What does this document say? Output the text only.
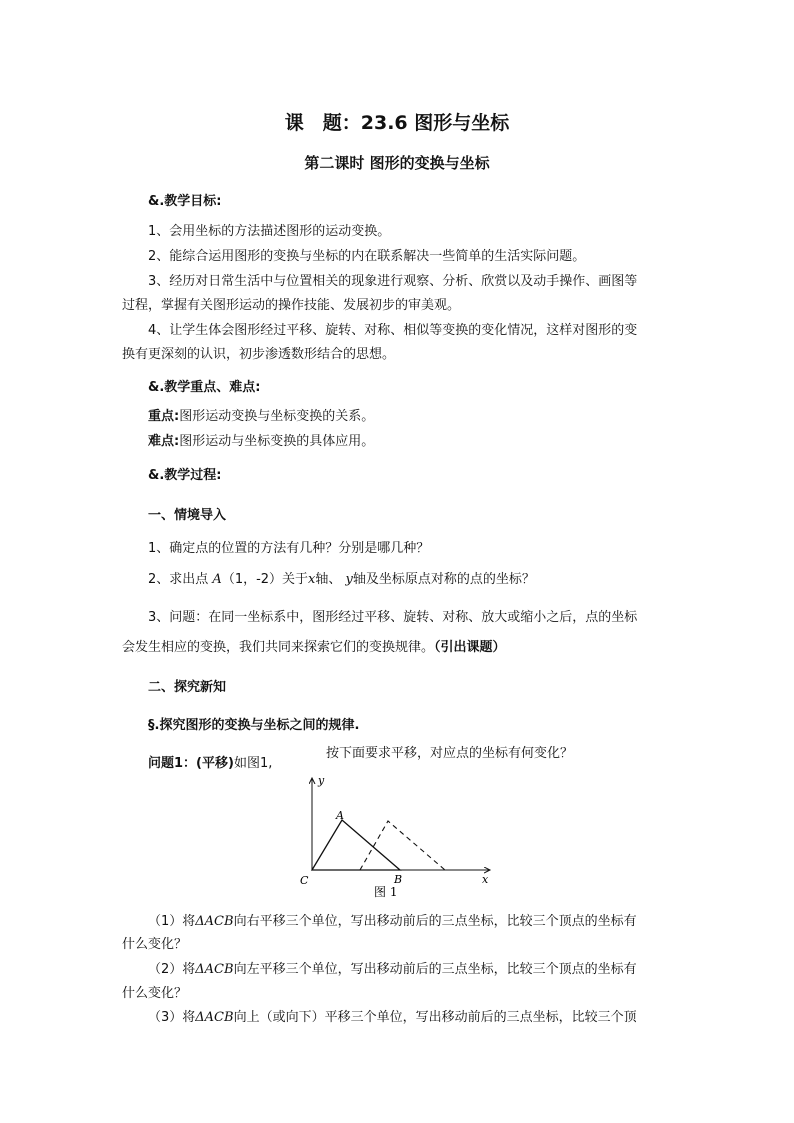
课　题：23.6 图形与坐标
第二课时 图形的变换与坐标
&.教学目标:
1、会用坐标的方法描述图形的运动变换。
2、能综合运用图形的变换与坐标的内在联系解决一些简单的生活实际问题。
3、经历对日常生活中与位置相关的现象进行观察、分析、欣赏以及动手操作、画图等
过程，掌握有关图形运动的操作技能、发展初步的审美观。
4、让学生体会图形经过平移、旋转、对称、相似等变换的变化情况，这样对图形的变
换有更深刻的认识，初步渗透数形结合的思想。
&.教学重点、难点:
重点:图形运动变换与坐标变换的关系。
难点:图形运动与坐标变换的具体应用。
&.教学过程:
一、情境导入
1、确定点的位置的方法有几种？分别是哪几种？
2、求出点 A（1，-2）关于x轴、 y轴及坐标原点对称的点的坐标？
3、问题：在同一坐标系中，图形经过平移、旋转、对称、放大或缩小之后，点的坐标
会发生相应的变换，我们共同来探索它们的变换规律。（引出课题）
二、探究新知
§.探究图形的变换与坐标之间的规律.
按下面要求平移，对应点的坐标有何变化？
问题1：(平移)如图1,
y
x
A
B
C
图 1
（1）将ΔACB向右平移三个单位，写出移动前后的三点坐标，比较三个顶点的坐标有
什么变化？
（2）将ΔACB向左平移三个单位，写出移动前后的三点坐标，比较三个顶点的坐标有
什么变化？
（3）将ΔACB向上（或向下）平移三个单位，写出移动前后的三点坐标，比较三个顶
